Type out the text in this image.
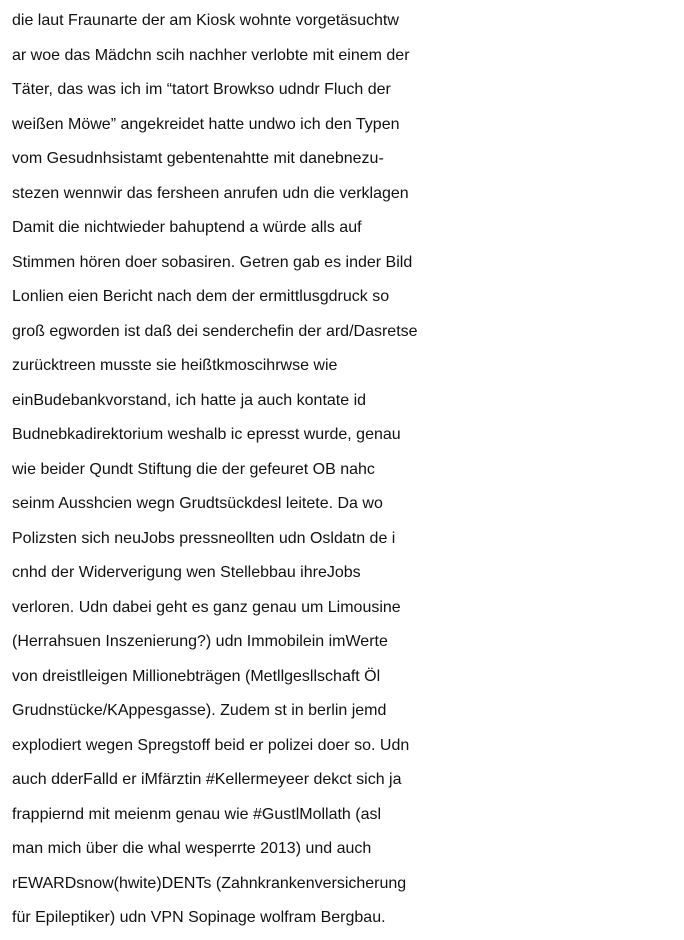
die laut Fraunarte der am Kiosk wohnte vorgetäsuchtw
ar woe das Mädchn scih nachher verlobte mit einem der
Täter, das was ich im “tatort Browkso udndr Fluch der
weißen Möwe” angekreidet hatte undwo ich den Typen
vom Gesudnhsistamt gebentenahtte mit danebnezu-
stezen wennwir das fersheen anrufen udn die verklagen
Damit die nichtwieder bahuptend a würde alls auf
Stimmen hören doer sobasiren. Getren gab es inder Bild
Lonlien eien Bericht nach dem der ermittlusgdruck so
groß egworden ist daß dei senderchefin der ard/Dasretse
zurücktreen musste sie heißtkmoscihrwse wie
einBudebankvorstand, ich hatte ja auch kontate id
Budnebkadirektorium weshalb ic epresst wurde, genau
wie beider Qundt Stiftung die der gefeuret OB nahc
seinm Ausshcien wegn Grudtsückdesl leitete. Da wo
Polizsten sich neuJobs pressneollten udn Osldatn de i
cnhd der Widerverigung wen Stellebbau ihreJobs
verloren. Udn dabei geht es ganz genau um Limousine
(Herrahsuen Inszenierung?) udn Immobilein imWerte
von dreistlleigen Millionebträgen (Metllgesllschaft Öl
Grudnstücke/KAppesgasse). Zudem st in berlin jemd
explodiert wegen Spregstoff beid er polizei doer so. Udn
auch dderFalld er iMfärztin #Kellermeyeer dekct sich ja
frappiernd mit meienm genau wie #GustlMollath (asl
man mich über die whal wesperrte 2013) und auch
rEWARDsnow(hwite)DENTs (Zahnkrankenversicherung
für Epileptiker) udn VPN Sopinage wolfram Bergbau.
